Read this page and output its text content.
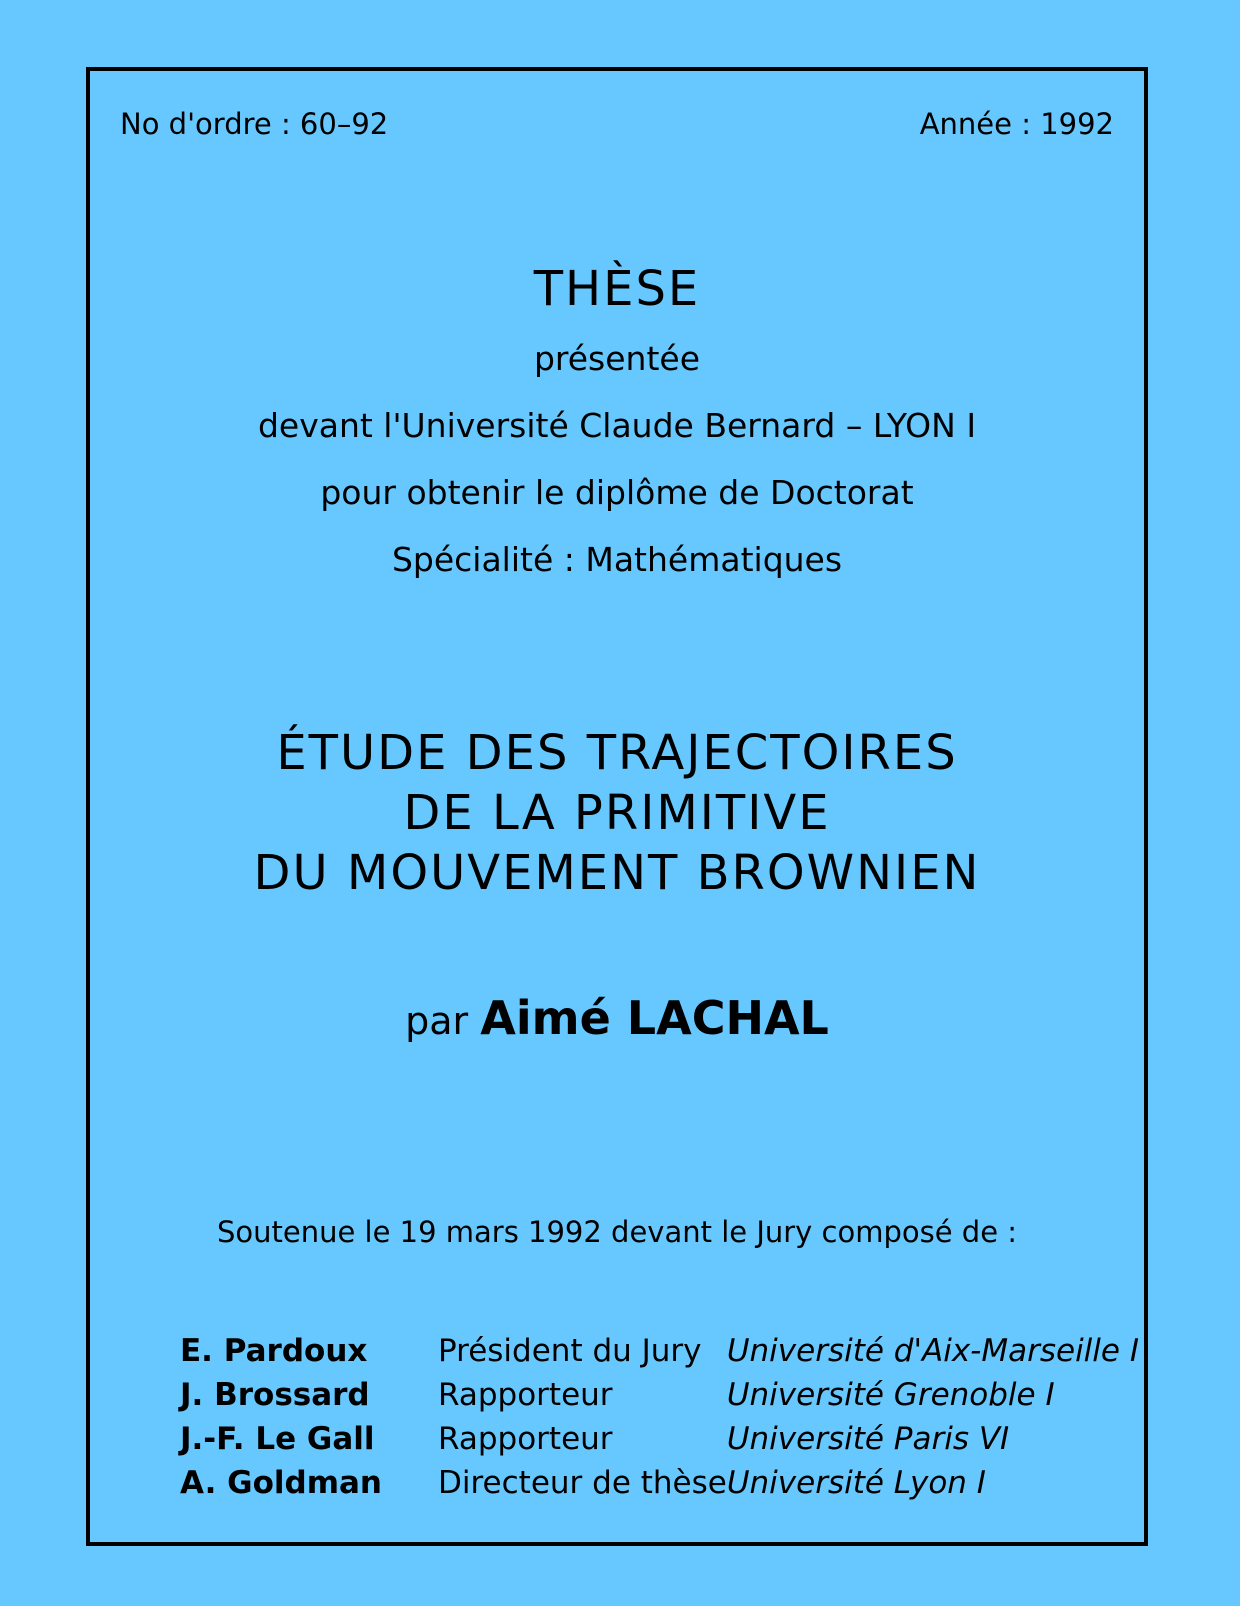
No d'ordre : 60–92	Année : 1992
THÈSE
présentée
devant l'Université Claude Bernard – LYON I
pour obtenir le diplôme de Doctorat
Spécialité : Mathématiques
ÉTUDE DES TRAJECTOIRES
DE LA PRIMITIVE
DU MOUVEMENT BROWNIEN
par Aimé LACHAL
Soutenue le 19 mars 1992 devant le Jury composé de :
E. Pardoux	Président du Jury	Université d'Aix-Marseille I
J. Brossard	Rapporteur	Université Grenoble I
J.-F. Le Gall	Rapporteur	Université Paris VI
A. Goldman	Directeur de thèse	Université Lyon I
